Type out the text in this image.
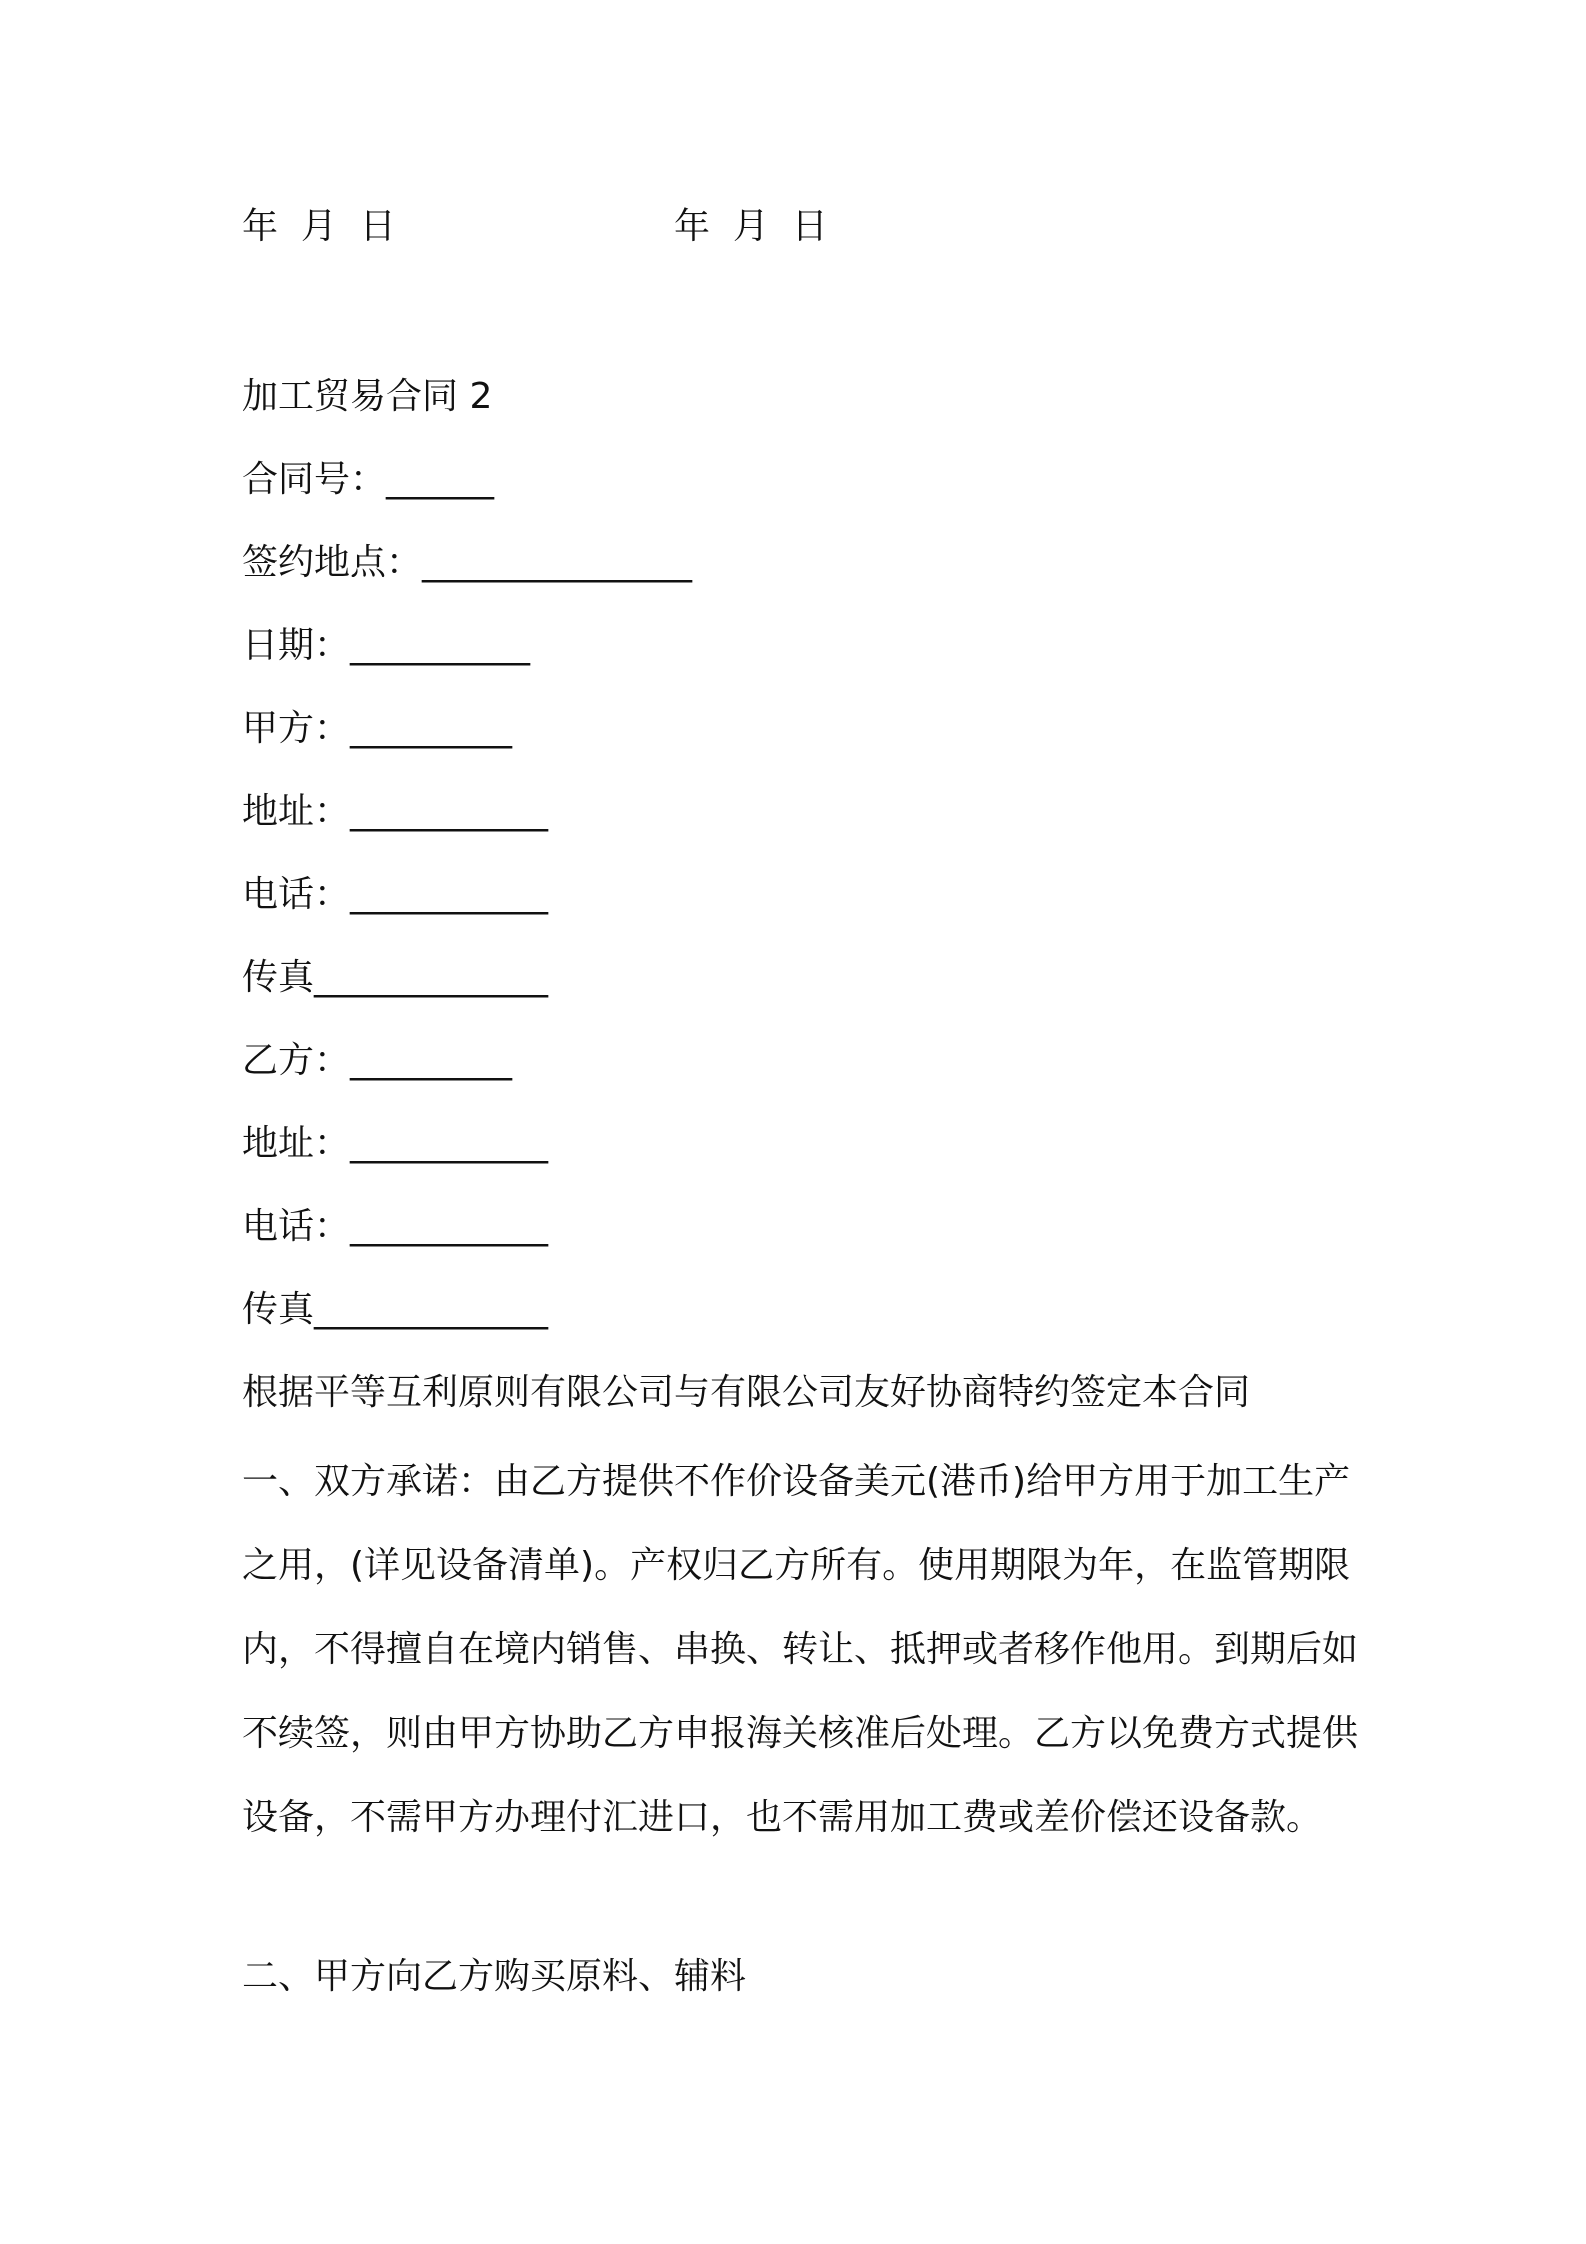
年  月  日	年  月  日
加工贸易合同 2
合同号：______
签约地点：_______________
日期：__________
甲方：_________
地址：___________
电话：___________
传真_____________
乙方：_________
地址：___________
电话：___________
传真_____________
根据平等互利原则有限公司与有限公司友好协商特约签定本合同

一、双方承诺：由乙方提供不作价设备美元(港币)给甲方用于加工生产之用，(详见设备清单)。产权归乙方所有。使用期限为年，在监管期限内，不得擅自在境内销售、串换、转让、抵押或者移作他用。到期后如不续签，则由甲方协助乙方申报海关核准后处理。乙方以免费方式提供设备，不需甲方办理付汇进口，也不需用加工费或差价偿还设备款。

二、甲方向乙方购买原料、辅料
